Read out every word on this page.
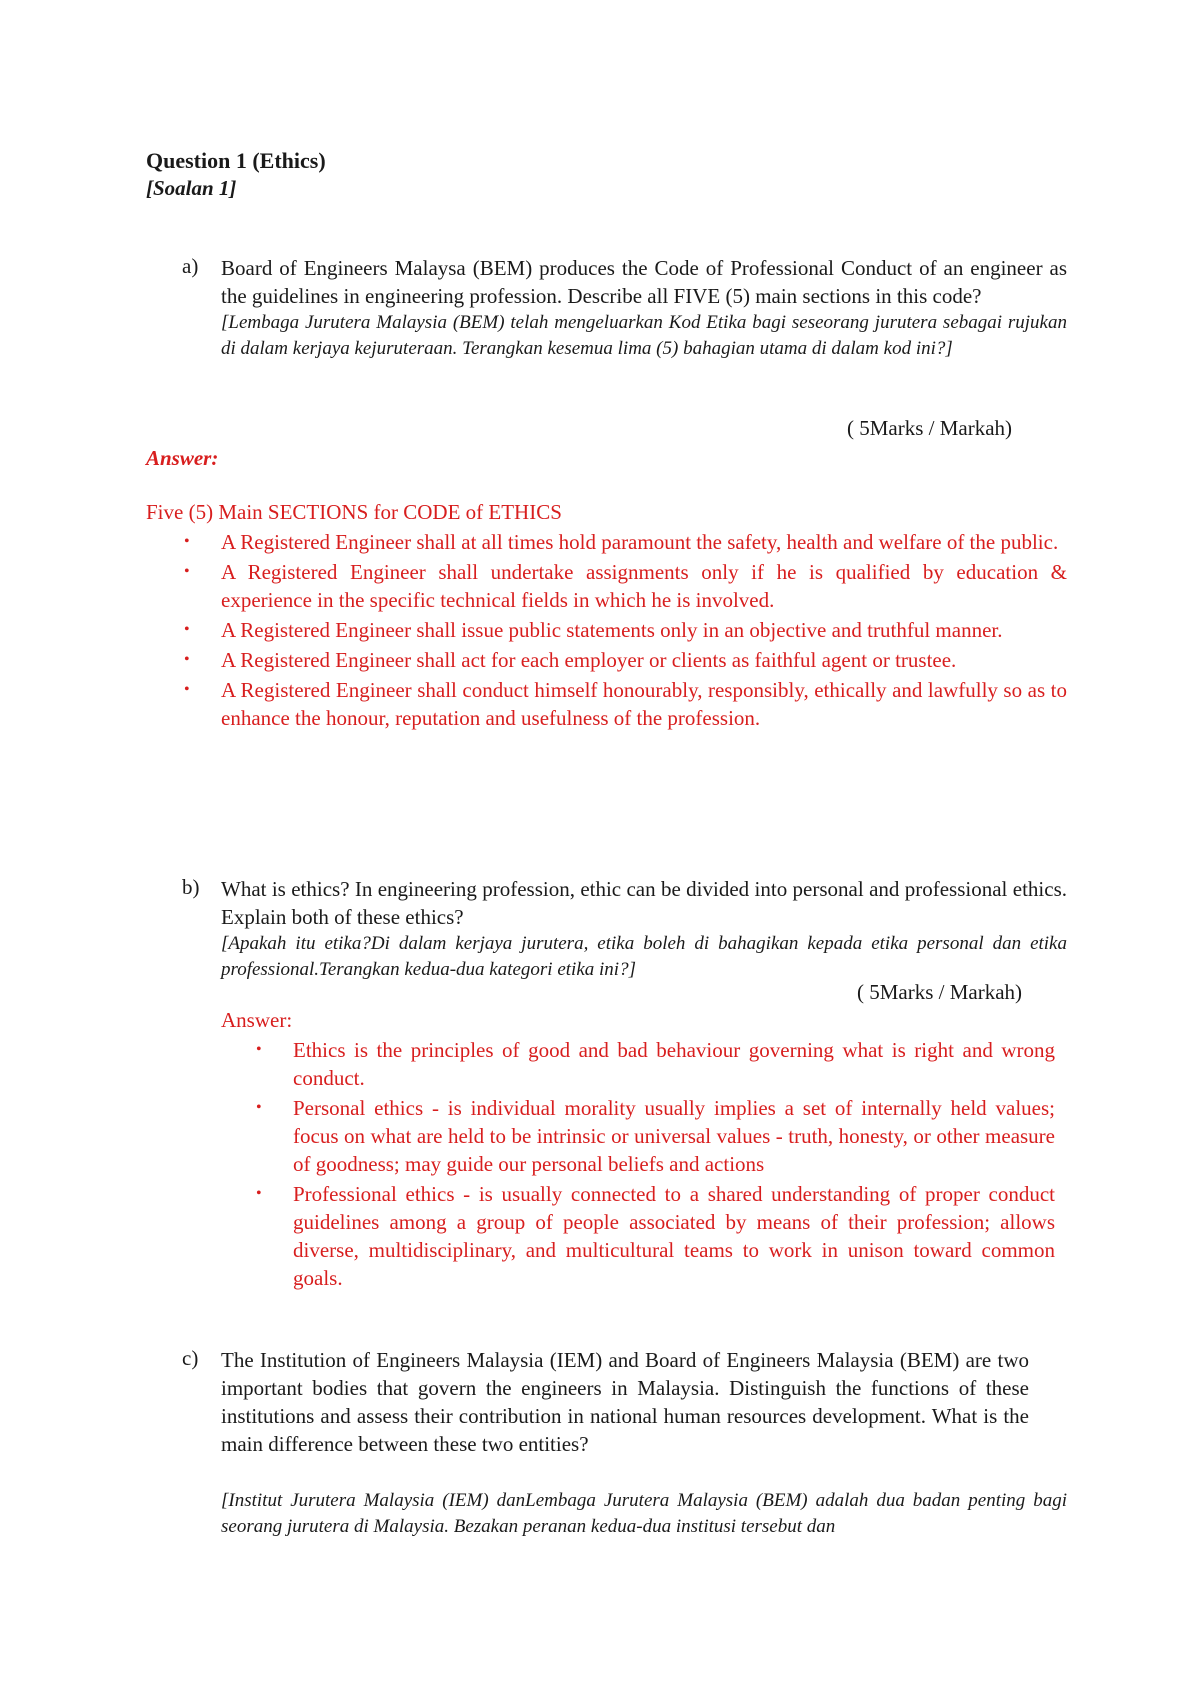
Question 1 (Ethics)
[Soalan 1]
a) Board of Engineers Malaysa (BEM) produces the Code of Professional Conduct of an engineer as the guidelines in engineering profession. Describe all FIVE (5) main sections in this code?
[Lembaga Jurutera Malaysia (BEM) telah mengeluarkan Kod Etika bagi seseorang jurutera sebagai rujukan di dalam kerjaya kejuruteraan. Terangkan kesemua lima (5) bahagian utama di dalam kod ini?]
( 5Marks / Markah)
Answer:
Five (5) Main SECTIONS for CODE of ETHICS
• A Registered Engineer shall at all times hold paramount the safety, health and welfare of the public.
• A Registered Engineer shall undertake assignments only if he is qualified by education & experience in the specific technical fields in which he is involved.
• A Registered Engineer shall issue public statements only in an objective and truthful manner.
• A Registered Engineer shall act for each employer or clients as faithful agent or trustee.
• A Registered Engineer shall conduct himself honourably, responsibly, ethically and lawfully so as to enhance the honour, reputation and usefulness of the profession.
b) What is ethics? In engineering profession, ethic can be divided into personal and professional ethics. Explain both of these ethics?
[Apakah itu etika?Di dalam kerjaya jurutera, etika boleh di bahagikan kepada etika personal dan etika professional.Terangkan kedua-dua kategori etika ini?]
( 5Marks / Markah)
Answer:
• Ethics is the principles of good and bad behaviour governing what is right and wrong conduct.
• Personal ethics - is individual morality usually implies a set of internally held values; focus on what are held to be intrinsic or universal values - truth, honesty, or other measure of goodness; may guide our personal beliefs and actions
• Professional ethics - is usually connected to a shared understanding of proper conduct guidelines among a group of people associated by means of their profession; allows diverse, multidisciplinary, and multicultural teams to work in unison toward common goals.
c) The Institution of Engineers Malaysia (IEM) and Board of Engineers Malaysia (BEM) are two important bodies that govern the engineers in Malaysia. Distinguish the functions of these institutions and assess their contribution in national human resources development. What is the main difference between these two entities?
[Institut Jurutera Malaysia (IEM) danLembaga Jurutera Malaysia (BEM) adalah dua badan penting bagi seorang jurutera di Malaysia. Bezakan peranan kedua-dua institusi tersebut dan
